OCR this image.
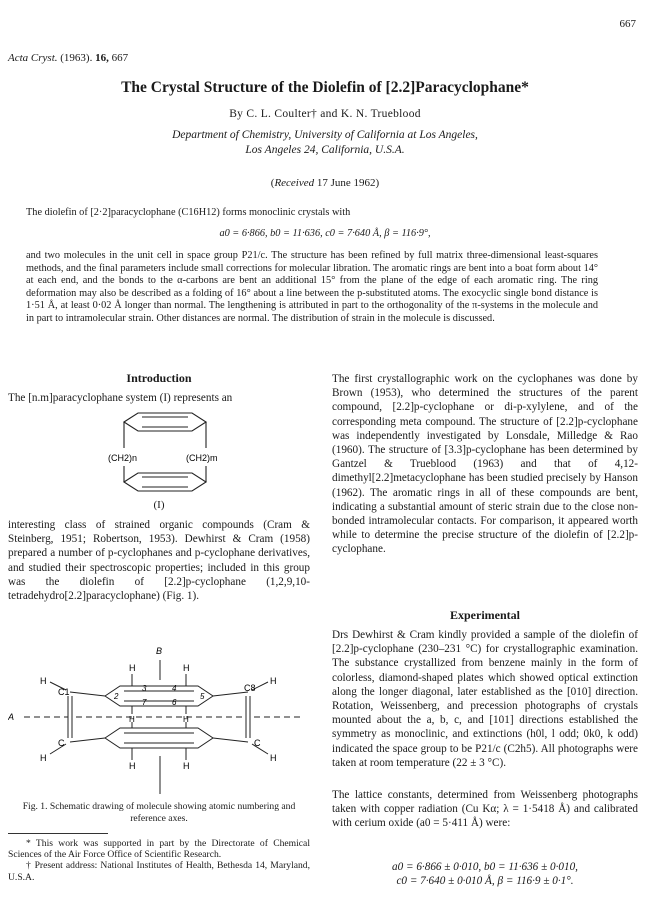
667
Acta Cryst. (1963). 16, 667
The Crystal Structure of the Diolefin of [2.2]Paracyclophane*
By C. L. Coulter† and K. N. Trueblood
Department of Chemistry, University of California at Los Angeles,
Los Angeles 24, California, U.S.A.
(Received 17 June 1962)
The diolefin of [2·2]paracyclophane (C16H12) forms monoclinic crystals with
a0 = 6·866, b0 = 11·636, c0 = 7·640 Å, β = 116·9°,
and two molecules in the unit cell in space group P21/c. The structure has been refined by full matrix three-dimensional least-squares methods, and the final parameters include small corrections for molecular libration. The aromatic rings are bent into a boat form about 14° at each end, and the bonds to the α-carbons are bent an additional 15° from the plane of the edge of each aromatic ring. The ring deformation may also be described as a folding of 16° about a line between the p-substituted atoms. The exocyclic single bond distance is 1·51 Å, at least 0·02 Å longer than normal. The lengthening is attributed in part to the orthogonality of the π-systems in the molecule and in part to intramolecular strain. Other distances are normal. The distribution of strain in the molecule is discussed.
Introduction
The [n.m]paracyclophane system (I) represents an
(CH2)n	(CH2)m
(I)
interesting class of strained organic compounds (Cram & Steinberg, 1951; Robertson, 1953). Dewhirst & Cram (1958) prepared a number of p-cyclophanes and p-cyclophane derivatives, and studied their spectroscopic properties; included in this group was the diolefin of [2.2]p-cyclophane (1,2,9,10-tetradehydro[2.2]paracyclophane) (Fig. 1).
B
A
C1	C8
C	C
H	H
H	H
H	H
H	H
H	H
2
3	4
5
6
7
Fig. 1. Schematic drawing of molecule showing atomic numbering and reference axes.

* This work was supported in part by the Directorate of Chemical Sciences of the Air Force Office of Scientific Research.

† Present address: National Institutes of Health, Bethesda 14, Maryland, U.S.A.

The first crystallographic work on the cyclophanes was done by Brown (1953), who determined the structures of the parent compound, [2.2]p-cyclophane or di-p-xylylene, and of the corresponding meta compound. The structure of [2.2]p-cyclophane was independently investigated by Lonsdale, Milledge & Rao (1960). The structure of [3.3]p-cyclophane has been determined by Gantzel & Trueblood (1963) and that of 4,12-dimethyl[2.2]metacyclophane has been studied precisely by Hanson (1962). The aromatic rings in all of these compounds are bent, indicating a substantial amount of steric strain due to the close non-bonded intramolecular contacts. For comparison, it appeared worth while to determine the precise structure of the diolefin of [2.2]p-cyclophane.
Experimental
Drs Dewhirst & Cram kindly provided a sample of the diolefin of [2.2]p-cyclophane (230–231 °C) for crystallographic examination. The substance crystallized from benzene mainly in the form of colorless, diamond-shaped plates which showed optical extinction along the longer diagonal, later established as the [010] direction. Rotation, Weissenberg, and precession photographs of crystals mounted about the a, b, c, and [101] directions established the symmetry as monoclinic, and extinctions (h0l, l odd; 0k0, k odd) indicated the space group to be P21/c (C2h5). All photographs were taken at room temperature (22 ± 3 °C).
The lattice constants, determined from Weissenberg photographs taken with copper radiation (Cu Kα; λ = 1·5418 Å) and calibrated with cerium oxide (a0 = 5·411 Å) were:
a0 = 6·866 ± 0·010, b0 = 11·636 ± 0·010,
c0 = 7·640 ± 0·010 Å, β = 116·9 ± 0·1°.
